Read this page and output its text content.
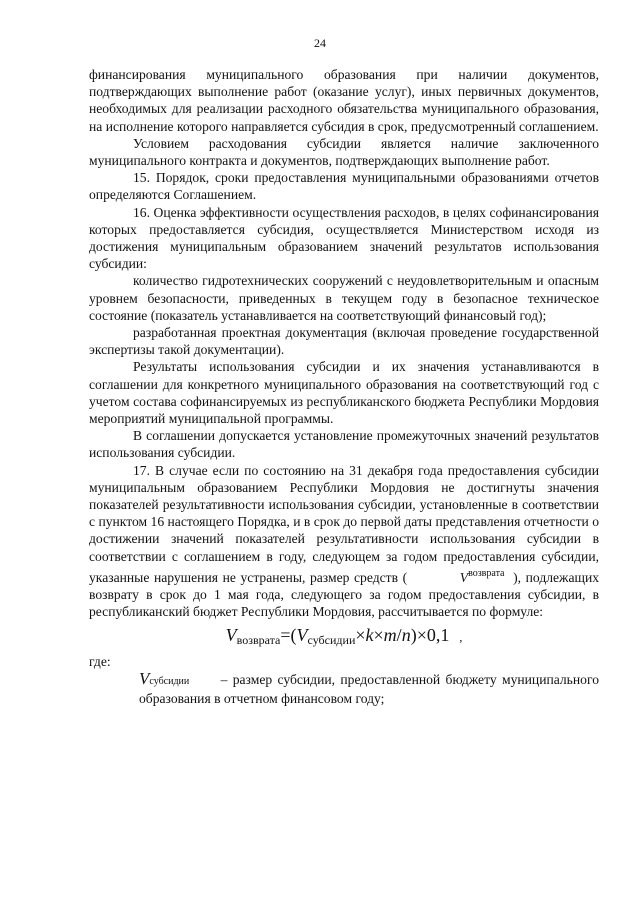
24

финансирования муниципального образования при наличии документов, подтверждающих выполнение работ (оказание услуг), иных первичных документов, необходимых для реализации расходного обязательства муниципального образования, на исполнение которого направляется субсидия в срок, предусмотренный соглашением.

Условием расходования субсидии является наличие заключенного муниципального контракта и документов, подтверждающих выполнение работ.

15. Порядок, сроки предоставления муниципальными образованиями отчетов определяются Соглашением.

16. Оценка эффективности осуществления расходов, в целях софинансирования которых предоставляется субсидия, осуществляется Министерством исходя из достижения муниципальным образованием значений результатов использования субсидии:

количество гидротехнических сооружений с неудовлетворительным и опасным уровнем безопасности, приведенных в текущем году в безопасное техническое состояние (показатель устанавливается на соответствующий финансовый год);

разработанная проектная документация (включая проведение государственной экспертизы такой документации).

Результаты использования субсидии и их значения устанавливаются в соглашении для конкретного муниципального образования на соответствующий год с учетом состава софинансируемых из республиканского бюджета Республики Мордовия мероприятий муниципальной программы.

В соглашении допускается установление промежуточных значений результатов использования субсидии.

17. В случае если по состоянию на 31 декабря года предоставления субсидии муниципальным образованием Республики Мордовия не достигнуты значения показателей результативности использования субсидии, установленные в соответствии с пунктом 16 настоящего Порядка, и в срок до первой даты представления отчетности о достижении значений показателей результативности использования субсидии в соответствии с соглашением в году, следующем за годом предоставления субсидии, указанные нарушения не устранены, размер средств (	$V^{возврата}$ ), подлежащих возврату в срок до 1 мая года, следующего за годом предоставления субсидии, в республиканский бюджет Республики Мордовия, рассчитывается по формуле:

$V_{возврата}=(V_{субсидии}\times k\times m/n)\times 0,1$ ,

где:

Vсубсидии – размер субсидии, предоставленной бюджету муниципального образования в отчетном финансовом году;
